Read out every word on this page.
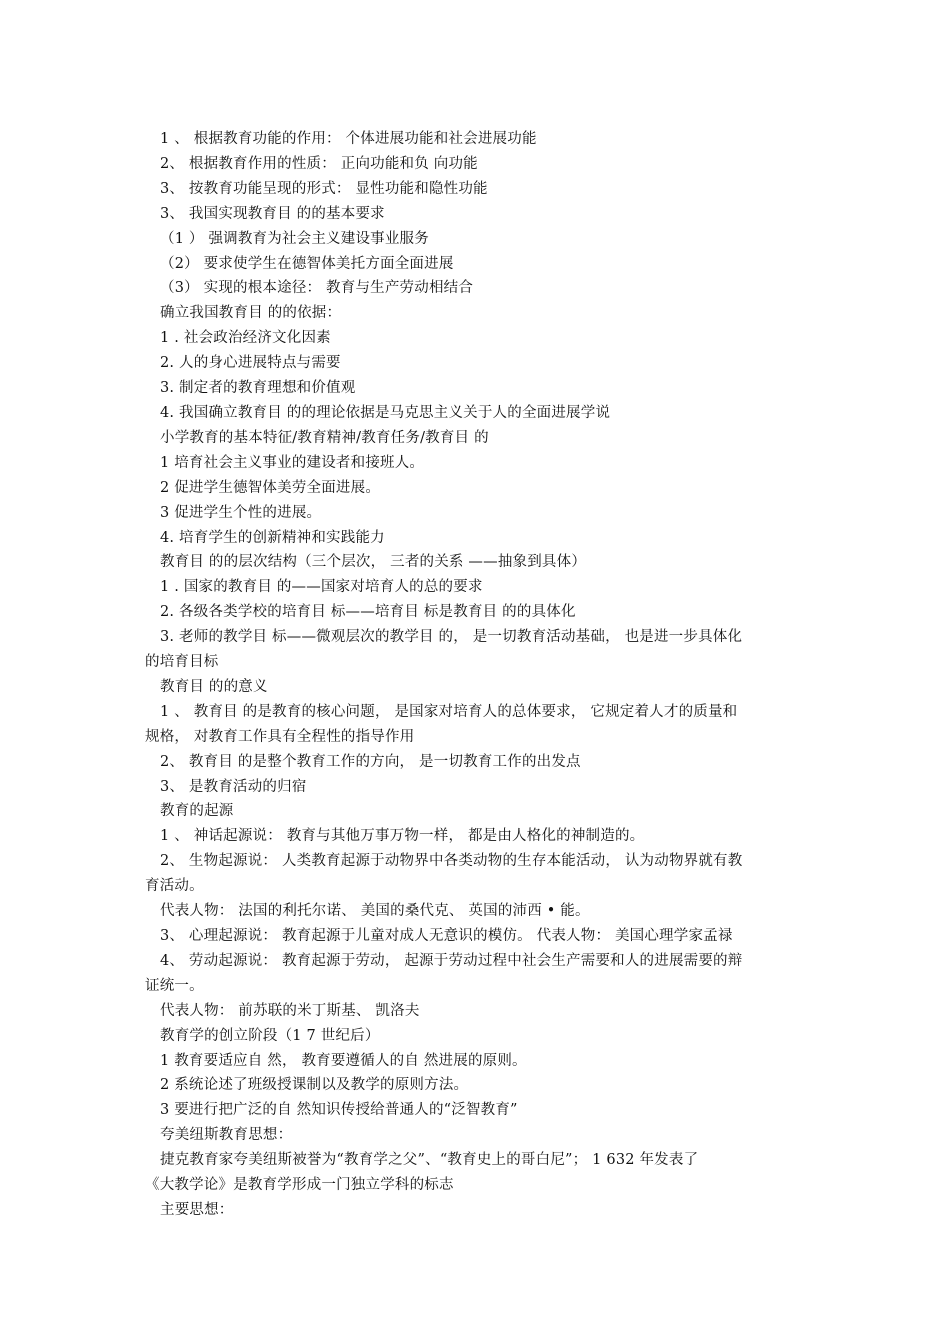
1 、 根据教育功能的作用： 个体进展功能和社会进展功能
2、 根据教育作用的性质： 正向功能和负 向功能
3、 按教育功能呈现的形式： 显性功能和隐性功能
3、 我国实现教育目 的的基本要求
（1 ） 强调教育为社会主义建设事业服务
（2） 要求使学生在德智体美托方面全面进展
（3） 实现的根本途径： 教育与生产劳动相结合
确立我国教育目 的的依据：
1 . 社会政治经济文化因素
2. 人的身心进展特点与需要
3. 制定者的教育理想和价值观
4. 我国确立教育目 的的理论依据是马克思主义关于人的全面进展学说
小学教育的基本特征/教育精神/教育任务/教育目 的
1 培育社会主义事业的建设者和接班人。
2 促进学生德智体美劳全面进展。
3 促进学生个性的进展。
4. 培育学生的创新精神和实践能力
教育目 的的层次结构（三个层次， 三者的关系 ——抽象到具体）
1 . 国家的教育目 的——国家对培育人的总的要求
2. 各级各类学校的培育目 标——培育目 标是教育目 的的具体化
3. 老师的教学目 标——微观层次的教学目 的， 是一切教育活动基础， 也是进一步具体化
的培育目标
教育目 的的意义
1 、 教育目 的是教育的核心问题， 是国家对培育人的总体要求， 它规定着人才的质量和
规格， 对教育工作具有全程性的指导作用
2、 教育目 的是整个教育工作的方向， 是一切教育工作的出发点
3、 是教育活动的归宿
教育的起源
1 、 神话起源说： 教育与其他万事万物一样， 都是由人格化的神制造的。
2、 生物起源说： 人类教育起源于动物界中各类动物的生存本能活动， 认为动物界就有教
育活动。
代表人物： 法国的利托尔诺、 美国的桑代克、 英国的沛西 • 能。
3、 心理起源说： 教育起源于儿童对成人无意识的模仿。 代表人物： 美国心理学家孟禄
4、 劳动起源说： 教育起源于劳动， 起源于劳动过程中社会生产需要和人的进展需要的辩
证统一。
代表人物： 前苏联的米丁斯基、 凯洛夫
教育学的创立阶段（1 7 世纪后）
1 教育要适应自 然， 教育要遵循人的自 然进展的原则。
2 系统论述了班级授课制以及教学的原则方法。
3 要进行把广泛的自 然知识传授给普通人的“泛智教育”
夸美纽斯教育思想：
捷克教育家夸美纽斯被誉为“教育学之父”、“教育史上的哥白尼”； 1 632 年发表了
《大教学论》是教育学形成一门独立学科的标志
主要思想：
